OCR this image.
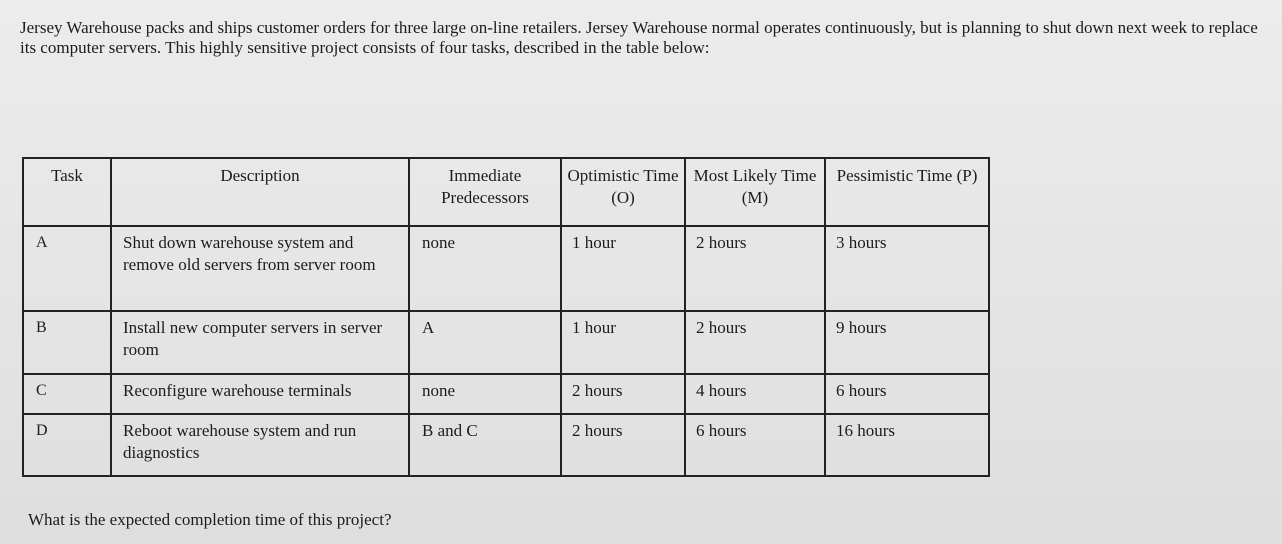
Jersey Warehouse packs and ships customer orders for three large on-line retailers. Jersey Warehouse normal operates continuously, but is planning to shut down next week to replace its computer servers. This highly sensitive project consists of four tasks, described in the table below:

Task	Description	Immediate Predecessors	Optimistic Time (O)	Most Likely Time (M)	Pessimistic Time (P)
A	Shut down warehouse system and remove old servers from server room	none	1 hour	2 hours	3 hours
B	Install new computer servers in server room	A	1 hour	2 hours	9 hours
C	Reconfigure warehouse terminals	none	2 hours	4 hours	6 hours
D	Reboot warehouse system and run diagnostics	B and C	2 hours	6 hours	16 hours

What is the expected completion time of this project?
